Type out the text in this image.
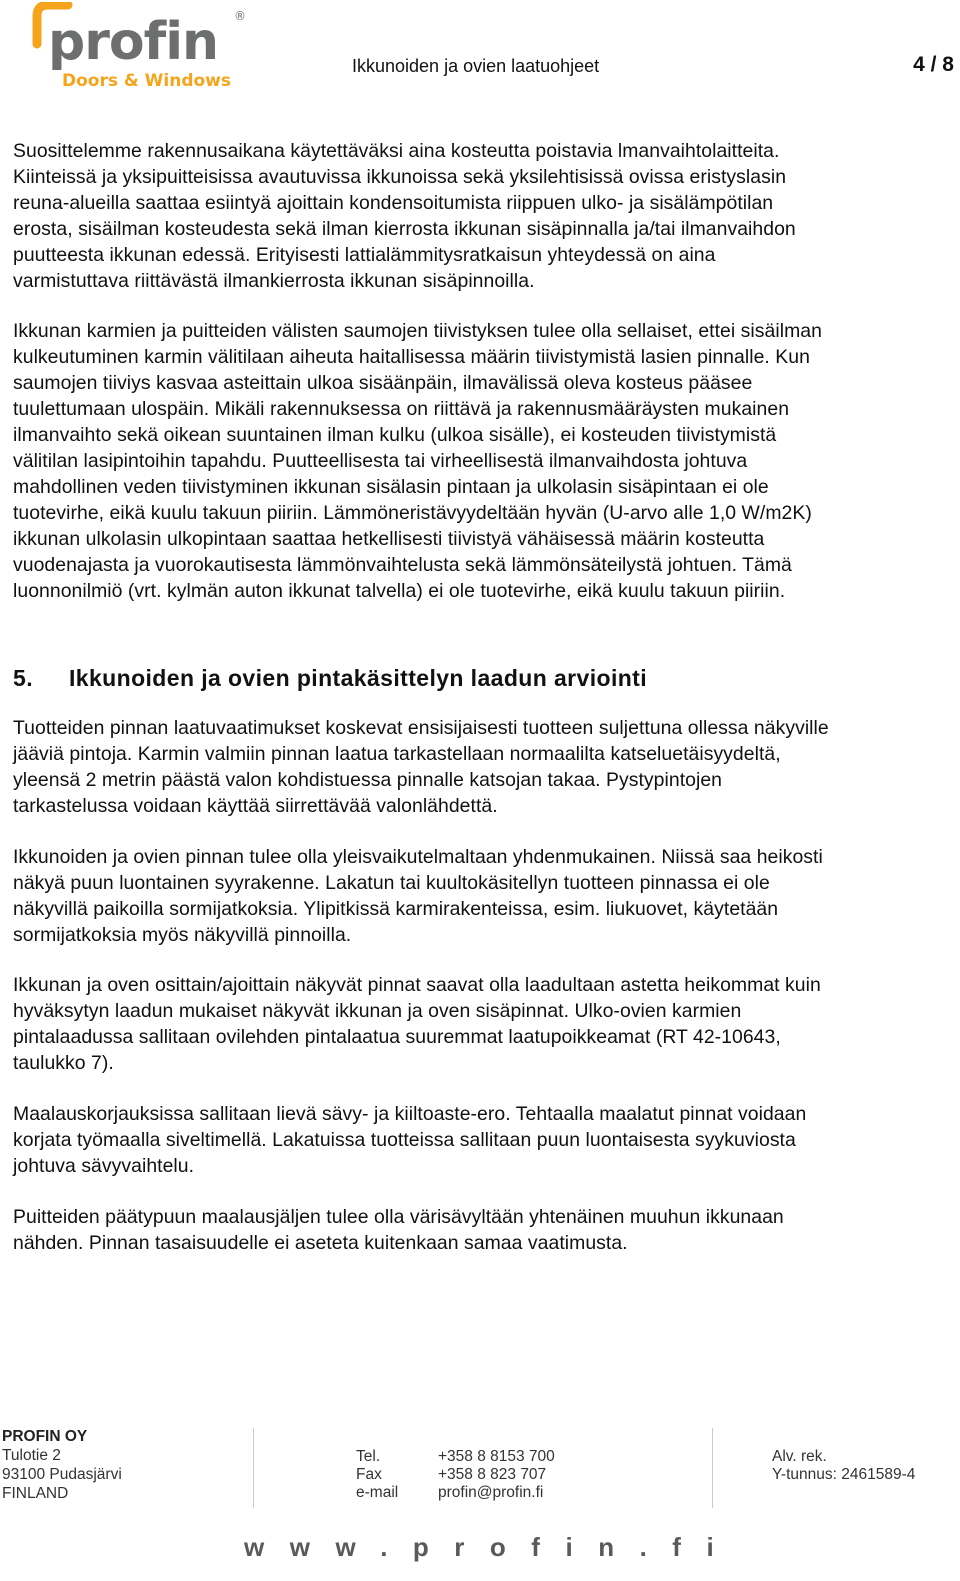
profin ®
Doors & Windows
Ikkunoiden ja ovien laatuohjeet	4 / 8
Suosittelemme rakennusaikana käytettäväksi aina kosteutta poistavia lmanvaihtolaitteita.
Kiinteissä ja yksipuitteisissa avautuvissa ikkunoissa sekä yksilehtisissä ovissa eristyslasin
reuna-alueilla saattaa esiintyä ajoittain kondensoitumista riippuen ulko- ja sisälämpötilan
erosta, sisäilman kosteudesta sekä ilman kierrosta ikkunan sisäpinnalla ja/tai ilmanvaihdon
puutteesta ikkunan edessä. Erityisesti lattialämmitysratkaisun yhteydessä on aina
varmistuttava riittävästä ilmankierrosta ikkunan sisäpinnoilla.
Ikkunan karmien ja puitteiden välisten saumojen tiivistyksen tulee olla sellaiset, ettei sisäilman
kulkeutuminen karmin välitilaan aiheuta haitallisessa määrin tiivistymistä lasien pinnalle. Kun
saumojen tiiviys kasvaa asteittain ulkoa sisäänpäin, ilmavälissä oleva kosteus pääsee
tuulettumaan ulospäin. Mikäli rakennuksessa on riittävä ja rakennusmääräysten mukainen
ilmanvaihto sekä oikean suuntainen ilman kulku (ulkoa sisälle), ei kosteuden tiivistymistä
välitilan lasipintoihin tapahdu. Puutteellisesta tai virheellisestä ilmanvaihdosta johtuva
mahdollinen veden tiivistyminen ikkunan sisälasin pintaan ja ulkolasin sisäpintaan ei ole
tuotevirhe, eikä kuulu takuun piiriin. Lämmöneristävyydeltään hyvän (U-arvo alle 1,0 W/m2K)
ikkunan ulkolasin ulkopintaan saattaa hetkellisesti tiivistyä vähäisessä määrin kosteutta
vuodenajasta ja vuorokautisesta lämmönvaihtelusta sekä lämmönsäteilystä johtuen. Tämä
luonnonilmiö (vrt. kylmän auton ikkunat talvella) ei ole tuotevirhe, eikä kuulu takuun piiriin.
5. Ikkunoiden ja ovien pintakäsittelyn laadun arviointi
Tuotteiden pinnan laatuvaatimukset koskevat ensisijaisesti tuotteen suljettuna ollessa näkyville
jääviä pintoja. Karmin valmiin pinnan laatua tarkastellaan normaalilta katseluetäisyydeltä,
yleensä 2 metrin päästä valon kohdistuessa pinnalle katsojan takaa. Pystypintojen
tarkastelussa voidaan käyttää siirrettävää valonlähdettä.
Ikkunoiden ja ovien pinnan tulee olla yleisvaikutelmaltaan yhdenmukainen. Niissä saa heikosti
näkyä puun luontainen syyrakenne. Lakatun tai kuultokäsitellyn tuotteen pinnassa ei ole
näkyvillä paikoilla sormijatkoksia. Ylipitkissä karmirakenteissa, esim. liukuovet, käytetään
sormijatkoksia myös näkyvillä pinnoilla.
Ikkunan ja oven osittain/ajoittain näkyvät pinnat saavat olla laadultaan astetta heikommat kuin
hyväksytyn laadun mukaiset näkyvät ikkunan ja oven sisäpinnat. Ulko-ovien karmien
pintalaadussa sallitaan ovilehden pintalaatua suuremmat laatupoikkeamat (RT 42-10643,
taulukko 7).
Maalauskorjauksissa sallitaan lievä sävy- ja kiiltoaste-ero. Tehtaalla maalatut pinnat voidaan
korjata työmaalla siveltimellä. Lakatuissa tuotteissa sallitaan puun luontaisesta syykuviosta
johtuva sävyvaihtelu.
Puitteiden päätypuun maalausjäljen tulee olla värisävyltään yhtenäinen muuhun ikkunaan
nähden. Pinnan tasaisuudelle ei aseteta kuitenkaan samaa vaatimusta.
PROFIN OY
Tulotie 2
93100 Pudasjärvi
FINLAND
Tel.
Fax
e-mail
+358 8 8153 700
+358 8 823 707
profin@profin.fi
Alv. rek.
Y-tunnus: 2461589-4
www.profin.fi
